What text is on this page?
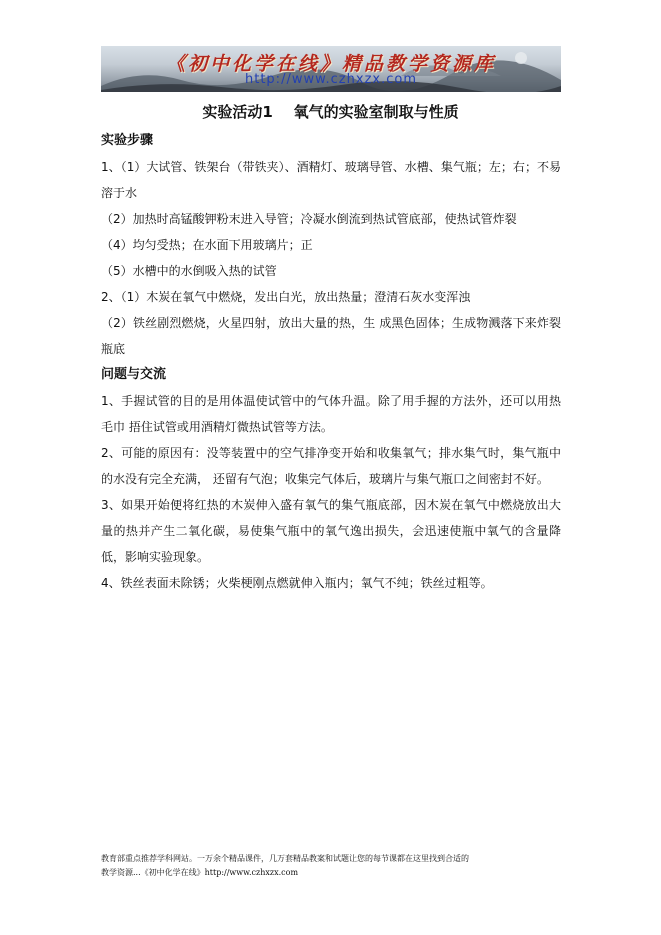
《初中化学在线》精品教学资源库
http://www.czhxzx.com
实验活动1    氧气的实验室制取与性质
实验步骤
1、（1）大试管、铁架台（带铁夹）、酒精灯、玻璃导管、水槽、集气瓶；左；右；不易溶于水
（2）加热时高锰酸钾粉末进入导管；冷凝水倒流到热试管底部，使热试管炸裂
（4）均匀受热；在水面下用玻璃片；正
（5）水槽中的水倒吸入热的试管
2、（1）木炭在氧气中燃烧，发出白光，放出热量；澄清石灰水变浑浊
（2）铁丝剧烈燃烧，火星四射，放出大量的热，生 成黑色固体；生成物溅落下来炸裂瓶底
问题与交流
1、手握试管的目的是用体温使试管中的气体升温。除了用手握的方法外，还可以用热毛巾 捂住试管或用酒精灯微热试管等方法。
2、可能的原因有：没等装置中的空气排净变开始和收集氧气；排水集气时，集气瓶中的水没有完全充满， 还留有气泡；收集完气体后，玻璃片与集气瓶口之间密封不好。
3、如果开始便将红热的木炭伸入盛有氧气的集气瓶底部，因木炭在氧气中燃烧放出大量的热并产生二氧化碳，易使集气瓶中的氧气逸出损失，会迅速使瓶中氧气的含量降低，影响实验现象。
4、铁丝表面未除锈；火柴梗刚点燃就伸入瓶内；氧气不纯；铁丝过粗等。
教育部重点推荐学科网站。一万余个精品课件，几万套精品教案和试题让您的每节课都在这里找到合适的
教学资源...《初中化学在线》http://www.czhxzx.com
